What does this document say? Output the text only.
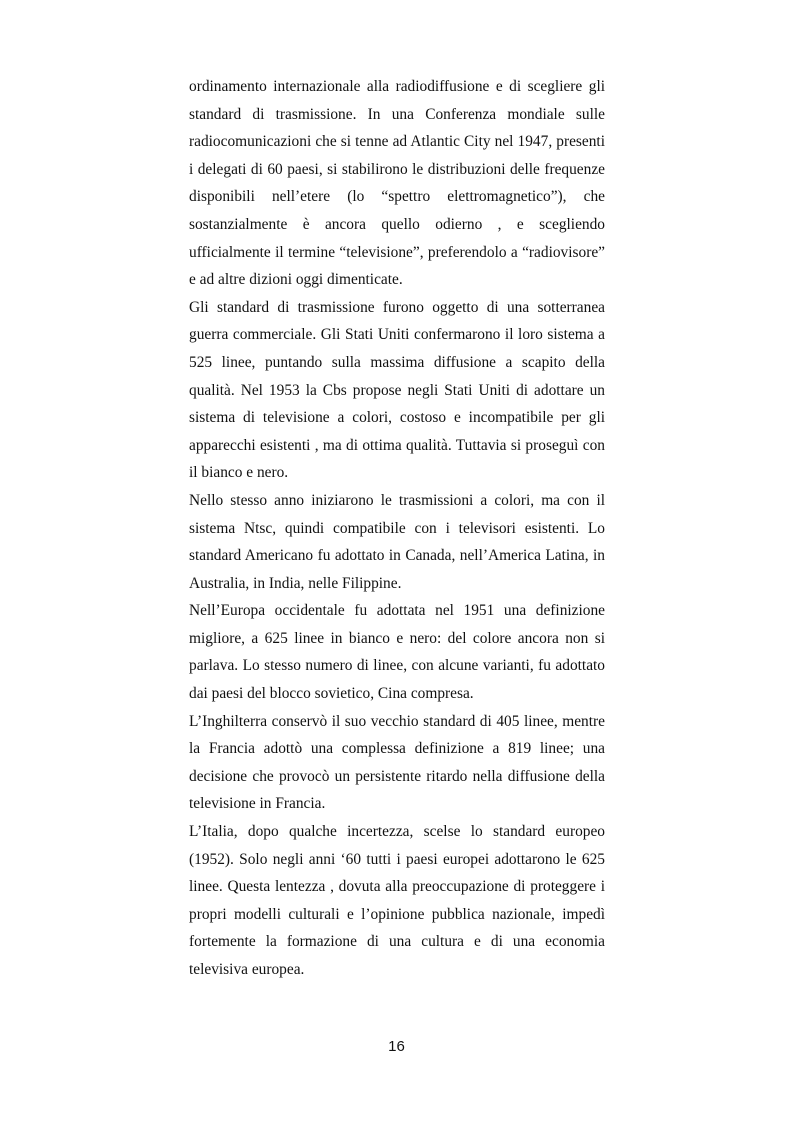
ordinamento internazionale alla radiodiffusione e di scegliere gli standard di trasmissione. In una Conferenza mondiale sulle radiocomunicazioni che si tenne ad Atlantic City nel 1947, presenti i delegati di 60 paesi, si stabilirono le distribuzioni delle frequenze disponibili nell’etere (lo “spettro elettromagnetico”), che sostanzialmente è ancora quello odierno , e scegliendo ufficialmente il termine “televisione”, preferendolo a “radiovisore” e ad altre dizioni oggi dimenticate.

Gli standard di trasmissione furono oggetto di una sotterranea guerra commerciale. Gli Stati Uniti confermarono il loro sistema a 525 linee, puntando sulla massima diffusione a scapito della qualità. Nel 1953 la Cbs propose negli Stati Uniti di adottare un sistema di televisione a colori, costoso e incompatibile per gli apparecchi esistenti , ma di ottima qualità. Tuttavia si proseguì con il bianco e nero.

Nello stesso anno iniziarono le trasmissioni a colori, ma con il sistema Ntsc, quindi compatibile con i televisori esistenti. Lo standard Americano fu adottato in Canada, nell’America Latina, in Australia, in India, nelle Filippine.

Nell’Europa occidentale fu adottata nel 1951 una definizione migliore, a 625 linee in bianco e nero: del colore ancora non si parlava. Lo stesso numero di linee, con alcune varianti, fu adottato dai paesi del blocco sovietico, Cina compresa.

L’Inghilterra conservò il suo vecchio standard di 405 linee, mentre la Francia adottò una complessa definizione a 819 linee; una decisione che provocò un persistente ritardo nella diffusione della televisione in Francia.

L’Italia, dopo qualche incertezza, scelse lo standard europeo (1952). Solo negli anni ‘60 tutti i paesi europei adottarono le 625 linee. Questa lentezza , dovuta alla preoccupazione di proteggere i propri modelli culturali e l’opinione pubblica nazionale, impedì fortemente la formazione di una cultura e di una economia televisiva europea.

16
